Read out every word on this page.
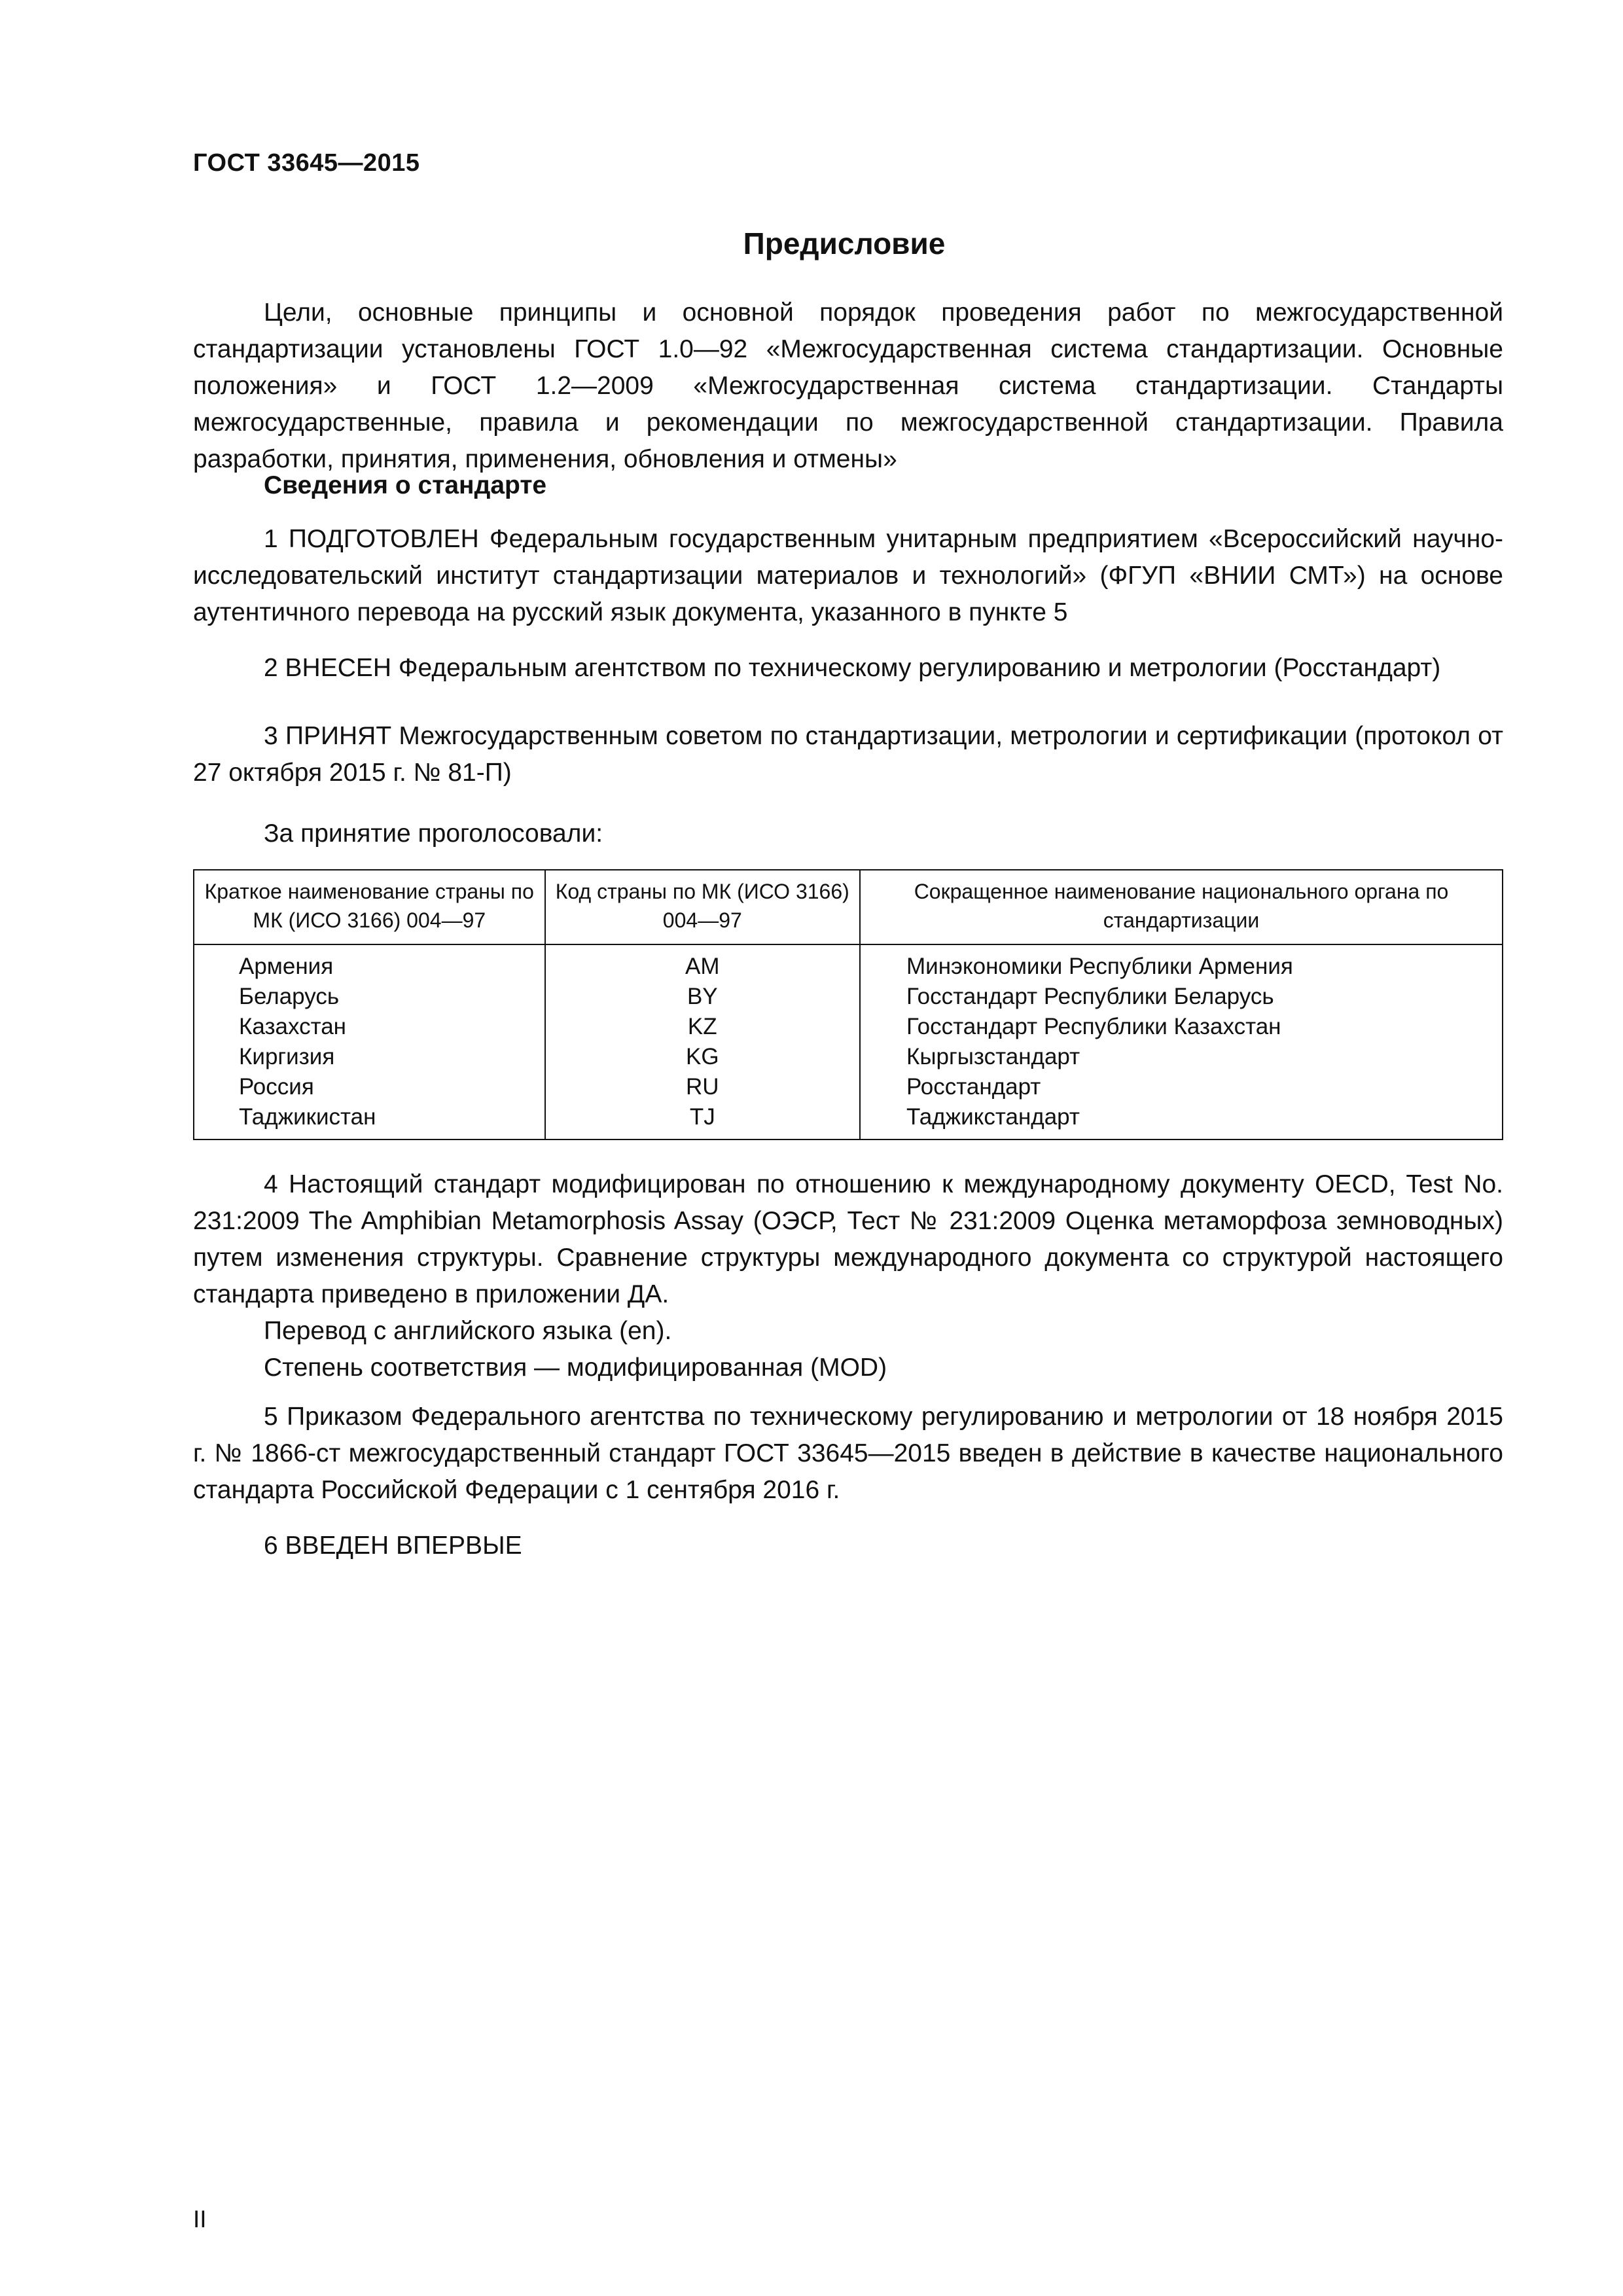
ГОСТ 33645—2015
Предисловие

Цели, основные принципы и основной порядок проведения работ по межгосударственной стандартизации установлены ГОСТ 1.0—92 «Межгосударственная система стандартизации. Основные положения» и ГОСТ 1.2—2009 «Межгосударственная система стандартизации. Стандарты межгосударственные, правила и рекомендации по межгосударственной стандартизации. Правила разработки, принятия, применения, обновления и отмены»

Сведения о стандарте

1 ПОДГОТОВЛЕН Федеральным государственным унитарным предприятием «Всероссийский научно-исследовательский институт стандартизации материалов и технологий» (ФГУП «ВНИИ СМТ») на основе аутентичного перевода на русский язык документа, указанного в пункте 5

2 ВНЕСЕН Федеральным агентством по техническому регулированию и метрологии (Росстандарт)

3 ПРИНЯТ Межгосударственным советом по стандартизации, метрологии и сертификации (протокол от 27 октября 2015 г. № 81-П)

За принятие проголосовали:

Краткое наименование страны по МК (ИСО 3166) 004—97	Код страны по МК (ИСО 3166) 004—97	Сокращенное наименование национального органа по стандартизации
Армения	AM	Минэкономики Республики Армения
Беларусь	BY	Госстандарт Республики Беларусь
Казахстан	KZ	Госстандарт Республики Казахстан
Киргизия	KG	Кыргызстандарт
Россия	RU	Росстандарт
Таджикистан	TJ	Таджикстандарт

4 Настоящий стандарт модифицирован по отношению к международному документу OECD, Test No. 231:2009 The Amphibian Metamorphosis Assay (ОЭСР, Тест № 231:2009 Оценка метаморфоза земноводных) путем изменения структуры. Сравнение структуры международного документа со структурой настоящего стандарта приведено в приложении ДА.

Перевод с английского языка (en).

Степень соответствия — модифицированная (MOD)

5 Приказом Федерального агентства по техническому регулированию и метрологии от 18 ноября 2015 г. № 1866-ст межгосударственный стандарт ГОСТ 33645—2015 введен в действие в качестве национального стандарта Российской Федерации с 1 сентября 2016 г.

6 ВВЕДЕН ВПЕРВЫЕ

II
